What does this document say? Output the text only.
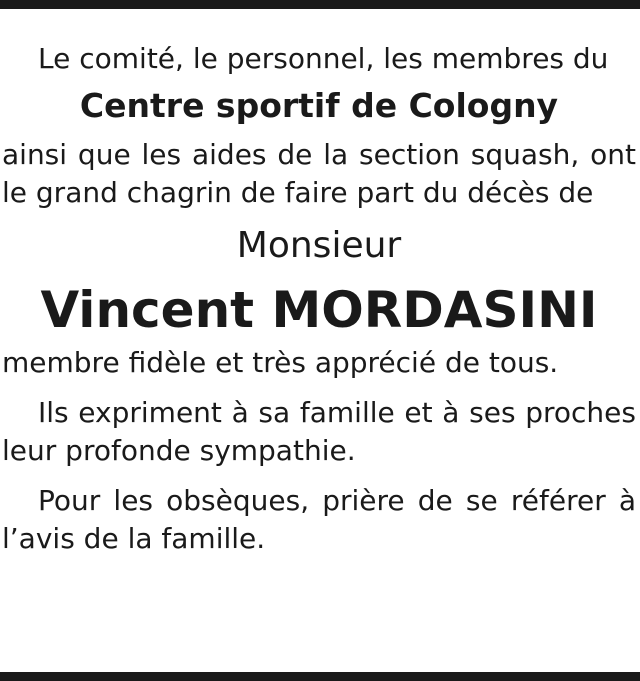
Le comité, le personnel, les membres du

Centre sportif de Cologny

ainsi que les aides de la section squash, ont le grand chagrin de faire part du décès de

Monsieur

Vincent MORDASINI

membre fidèle et très apprécié de tous.

Ils expriment à sa famille et à ses proches leur profonde sympathie.

Pour les obsèques, prière de se référer à l’avis de la famille.
